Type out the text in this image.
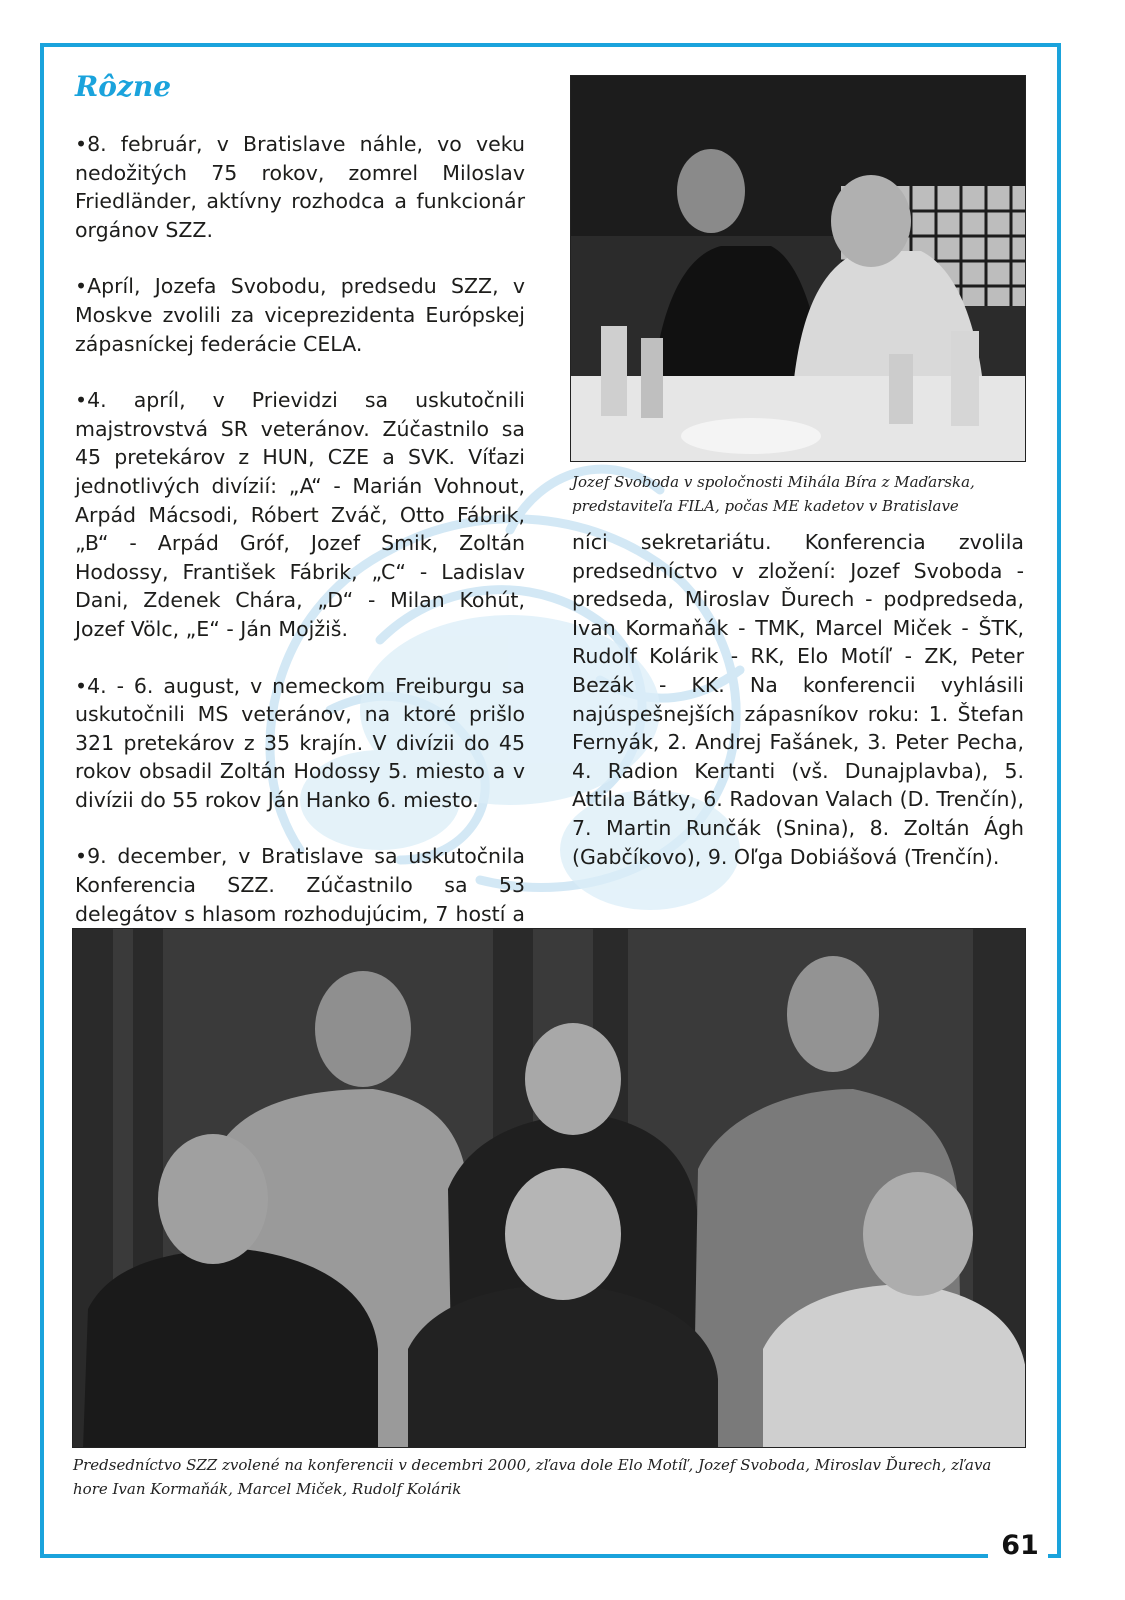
61
Rôzne

•8. február, v Bratislave náhle, vo veku nedožitých 75 rokov, zomrel Miloslav Friedländer, aktívny rozhodca a funkcionár orgánov SZZ.

•Apríl, Jozefa Svobodu, predsedu SZZ, v Moskve zvolili za viceprezidenta Európskej zápasníckej federácie CELA.

•4. apríl, v Prievidzi sa uskutočnili majstrovstvá SR veteránov. Zúčastnilo sa 45 pretekárov z HUN, CZE a SVK. Víťazi jednotlivých divízií: „A“ - Marián Vohnout, Arpád Mácsodi, Róbert Zváč, Otto Fábrik, „B“ - Arpád Gróf, Jozef Smik, Zoltán Hodossy, František Fábrik, „C“ - Ladislav Dani, Zdenek Chára, „D“ - Milan Kohút, Jozef Völc, „E“ - Ján Mojžiš.

•4. - 6. august, v nemeckom Freiburgu sa uskutočnili MS veteránov, na ktoré prišlo 321 pretekárov z 35 krajín. V divízii do 45 rokov obsadil Zoltán Hodossy 5. miesto a v divízii do 55 rokov Ján Hanko 6. miesto.

•9. december, v Bratislave sa uskutočnila Konferencia SZZ. Zúčastnilo sa 53 delegátov s hlasom rozhodujúcim, 7 hostí a

Jozef Svoboda v spoločnosti Mihála Bíra z Maďarska, predstaviteľa FILA, počas ME kadetov v Bratislave

níci sekretariátu. Konferencia zvolila predsedníctvo v zložení: Jozef Svoboda - predseda, Miroslav Ďurech - podpredseda, Ivan Kormaňák - TMK, Marcel Miček - ŠTK, Rudolf Kolárik - RK, Elo Motíľ - ZK, Peter Bezák - KK. Na konferencii vyhlásili najúspešnejších zápasníkov roku: 1. Štefan Fernyák, 2. Andrej Fašánek, 3. Peter Pecha, 4. Radion Kertanti (vš. Dunajplavba), 5. Attila Bátky, 6. Radovan Valach (D. Trenčín), 7. Martin Runčák (Snina), 8. Zoltán Ágh (Gabčíkovo), 9. Oľga Dobiášová (Trenčín).

Predsedníctvo SZZ zvolené na konferencii v decembri 2000, zľava dole Elo Motíľ, Jozef Svoboda, Miroslav Ďurech, zľava hore Ivan Kormaňák, Marcel Miček, Rudolf Kolárik
